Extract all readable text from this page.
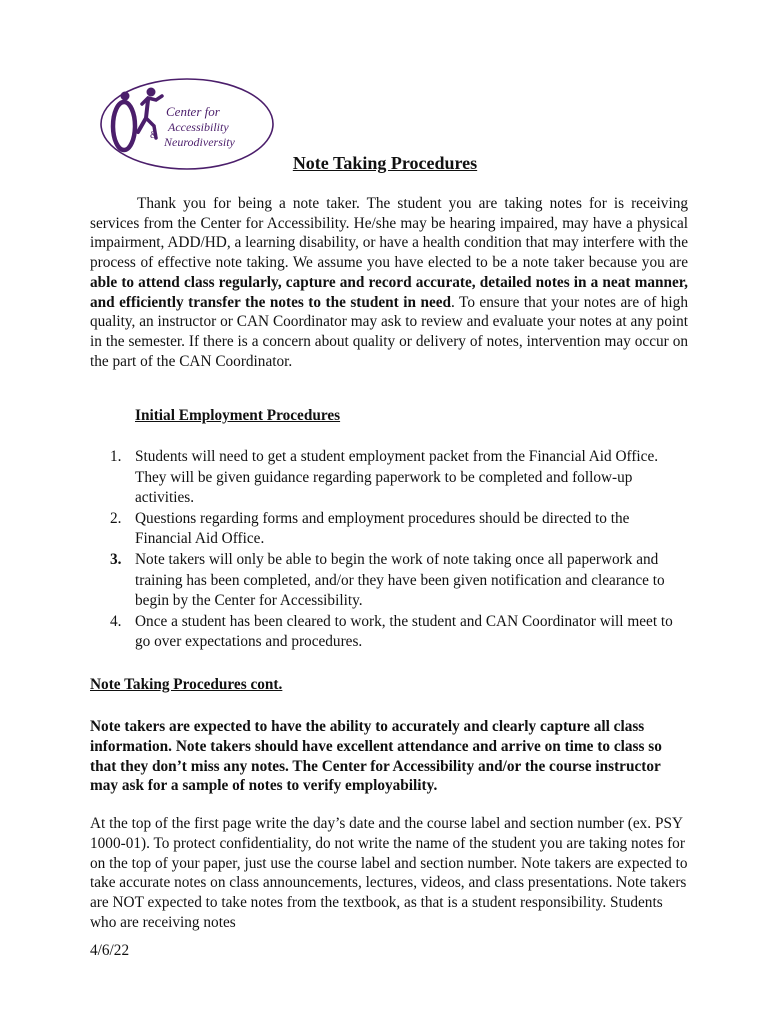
Center for
Accessibility
& Neurodiversity
Note Taking Procedures

Thank you for being a note taker. The student you are taking notes for is receiving services from the Center for Accessibility. He/she may be hearing impaired, may have a physical impairment, ADD/HD, a learning disability, or have a health condition that may interfere with the process of effective note taking. We assume you have elected to be a note taker because you are able to attend class regularly, capture and record accurate, detailed notes in a neat manner, and efficiently transfer the notes to the student in need. To ensure that your notes are of high quality, an instructor or CAN Coordinator may ask to review and evaluate your notes at any point in the semester. If there is a concern about quality or delivery of notes, intervention may occur on the part of the CAN Coordinator.

Initial Employment Procedures
1. Students will need to get a student employment packet from the Financial Aid Office. They will be given guidance regarding paperwork to be completed and follow-up activities.
2. Questions regarding forms and employment procedures should be directed to the Financial Aid Office.
3. Note takers will only be able to begin the work of note taking once all paperwork and training has been completed, and/or they have been given notification and clearance to begin by the Center for Accessibility.
4. Once a student has been cleared to work, the student and CAN Coordinator will meet to go over expectations and procedures.
Note Taking Procedures cont.

Note takers are expected to have the ability to accurately and clearly capture all class information. Note takers should have excellent attendance and arrive on time to class so that they don’t miss any notes. The Center for Accessibility and/or the course instructor may ask for a sample of notes to verify employability.

At the top of the first page write the day’s date and the course label and section number (ex. PSY 1000-01). To protect confidentiality, do not write the name of the student you are taking notes for on the top of your paper, just use the course label and section number. Note takers are expected to take accurate notes on class announcements, lectures, videos, and class presentations. Note takers are NOT expected to take notes from the textbook, as that is a student responsibility. Students who are receiving notes

4/6/22
